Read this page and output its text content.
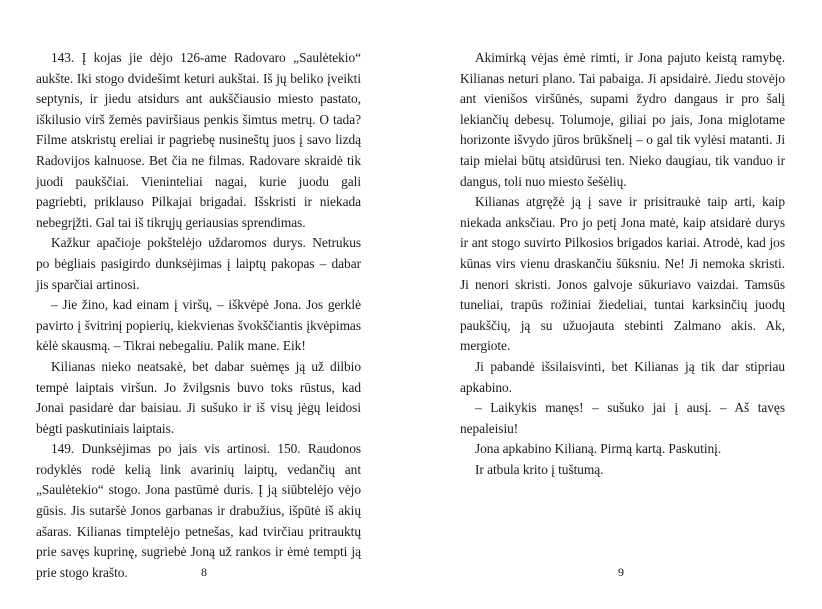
143. Į kojas jie dėjo 126-ame Radovaro „Saulėtekio“ aukšte. Iki stogo dvidešimt keturi aukštai. Iš jų beliko įveikti septynis, ir jiedu atsidurs ant aukščiausio miesto pastato, iškilusio virš žemės paviršiaus penkis šimtus metrų. O tada? Filme atskristų ereliai ir pagriebę nusineštų juos į savo lizdą Radovijos kalnuose. Bet čia ne filmas. Radovare skraidė tik juodi paukščiai. Vieninteliai nagai, kurie juodu gali pagriebti, priklauso Pilkajai brigadai. Išskristi ir niekada nebegrįžti. Gal tai iš tikrųjų geriausias sprendimas.

Kažkur apačioje pokštelėjo uždaromos durys. Netrukus po bėgliais pasigirdo dunksėjimas į laiptų pakopas – dabar jis sparčiai artinosi.

– Jie žino, kad einam į viršų, – iškvėpė Jona. Jos gerklė pavirto į švitrinį popierių, kiekvienas švokščiantis įkvėpimas kėlė skausmą. – Tikrai nebegaliu. Palik mane. Eik!

Kilianas nieko neatsakė, bet dabar suėmęs ją už dilbio tempė laiptais viršun. Jo žvilgsnis buvo toks rūstus, kad Jonai pasidarė dar baisiau. Ji sušuko ir iš visų jėgų leidosi bėgti paskutiniais laiptais.

149. Dunksėjimas po jais vis artinosi. 150. Raudonos rodyklės rodė kelią link avarinių laiptų, vedančių ant „Saulėtekio“ stogo. Jona pastūmė duris. Į ją siūbtelėjo vėjo gūsis. Jis sutaršė Jonos garbanas ir drabužius, išpūtė iš akių ašaras. Kilianas timptelėjo petnešas, kad tvirčiau pritrauktų prie savęs kuprinę, sugriebė Joną už rankos ir ėmė tempti ją prie stogo krašto.	8

Akimirką vėjas ėmė rimti, ir Jona pajuto keistą ramybę. Kilianas neturi plano. Tai pabaiga. Ji apsidairė. Jiedu stovėjo ant vienišos viršūnės, supami žydro dangaus ir pro šalį lekiančių debesų. Tolumoje, giliai po jais, Jona miglotame horizonte išvydo jūros brūkšnelį – o gal tik vylėsi matanti. Ji taip mielai būtų atsidūrusi ten. Nieko daugiau, tik vanduo ir dangus, toli nuo miesto šešėlių.

Kilianas atgręžė ją į save ir prisitraukė taip arti, kaip niekada anksčiau. Pro jo petį Jona matė, kaip atsidarė durys ir ant stogo suvirto Pilkosios brigados kariai. Atrodė, kad jos kūnas virs vienu draskančiu šūksniu. Ne! Ji nemoka skristi. Ji nenori skristi. Jonos galvoje sūkuriavo vaizdai. Tamsūs tuneliai, trapūs rožiniai žiedeliai, tuntai karksinčių juodų paukščių, ją su užuojauta stebinti Zalmano akis. Ak, mergiote.

Ji pabandė išsilaisvinti, bet Kilianas ją tik dar stipriau apkabino.

– Laikykis manęs! – sušuko jai į ausį. – Aš tavęs nepaleisiu!

Jona apkabino Kilianą. Pirmą kartą. Paskutinį.

Ir atbula krito į tuštumą.

9
